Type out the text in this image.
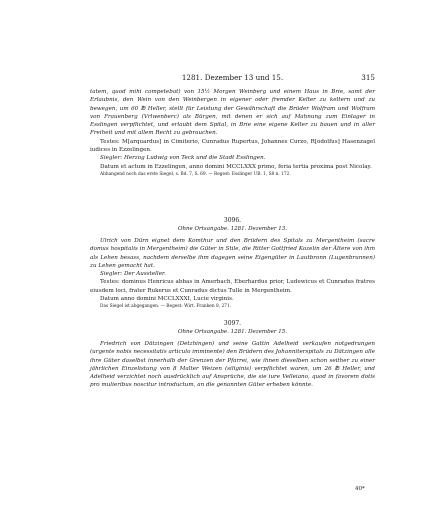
1281. Dezember 13 und 15.	315

tatem, quod mihi competebat) von 15½ Morgen Weinberg und einem Haus in Brie, samt der Erlaubnis, den Wein von den Weinbergen in eigener oder fremder Kelter zu keltern und zu bewegen, um 60 ℔ Heller, stellt für Leistung der Gewährschaft die Brüder Wolfram und Wolfram von Frauenberg (Vrlwenberc) als Bürgen, mit denen er sich auf Mahnung zum Einlager in Esslingen verpflichtet, und erlaubt dem Spital, in Brie eine eigene Kelter zu bauen und in aller Freiheit und mit allem Recht zu gebrauchen.

Testes: M[arquardus] in Cimiterio, Cunradus Rupertus, Johannes Curzo, R[odolfus] Hasenzagel iudices in Ezzelingen.

Siegler: Herzog Ludwig von Teck und die Stadt Esslingen.

Datum et actum in Ezzelingen, anno domini MCCLXXX primo, feria tertia proxima post Nicolay.

Abhangend noch das erste Siegel, s. Bd. 7, S. 69. — Regest: Esslinger UB. 1, S8 n. 172.

3096.
Ohne Ortsangabe. 1281. Dezember 13.

Ulrich von Dürn eignet dem Komthur und den Brüdern des Spitals zu Mergentheim (sacre domus hospitalis in Mergentheim) die Güter in Stile, die Ritter Gottfried Kozelin der Ältere von ihm als Lehen besass, nachdem derselbe ihm dagegen seine Eigengüter in Lautbronn (Lugenbrunnen) zu Lehen gemacht hat.

Siegler: Der Aussteller.

Testes: dominus Henricus abbas in Amerbach, Eberhardus prior, Ludewicus et Cunradus fratres eiusdem loci, frater Rukerus et Cunradus dictus Tulle in Mergentheim.

Datum anno domini MCCLXXXI, Lucie virginis.

Das Siegel ist abgegangen. — Regest: Wirt. Franken 8, 271.

3097.
Ohne Ortsangabe. 1281. Dezember 15.

Friedrich von Dätzingen (Detzhingen) und seine Gattin Adelheid verkaufen notgedrungen (urgente nobis necessitatis articulo imminente) den Brüdern des Johanniterspitals zu Dätzingen alle ihre Güter daselbst innerhalb der Grenzen der Pfarrei, wie ihnen dieselben schon seither zu einer jährlichen Einzelistung von 8 Malter Weizen (siliginis) verpflichtet waren, um 26 ℔ Heller, und Adelheid verzichtet noch ausdrücklich auf Ansprüche, die sie iure Velleiano, quod in favorem dotis pro mulieribus noscitur introductum, an die genannten Güter erheben könnte.

40*
